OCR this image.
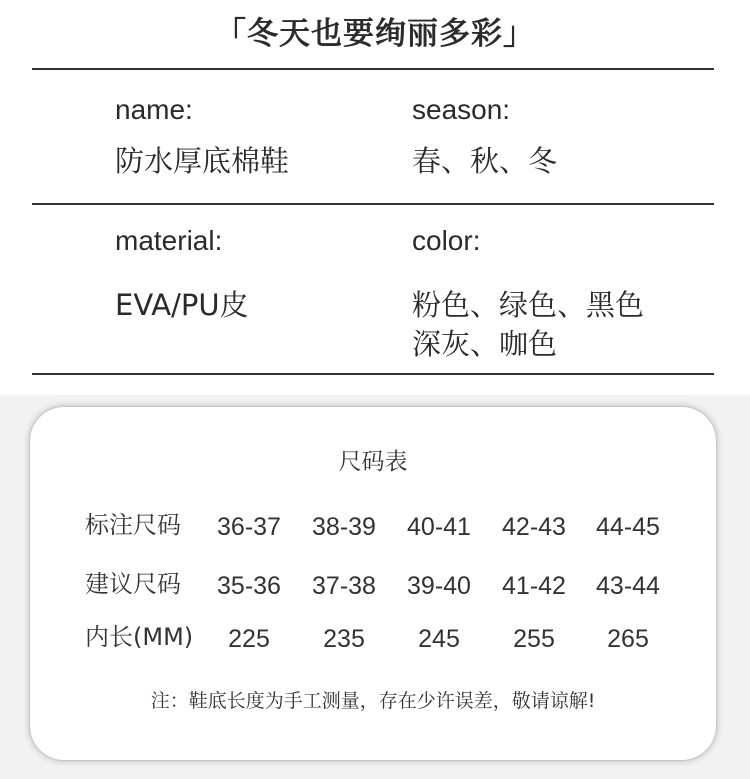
「冬天也要绚丽多彩」
name:
防水厚底棉鞋
season:
春、秋、冬
material:
EVA/PU皮
color:
粉色、绿色、黑色
深灰、咖色
尺码表
标注尺码	36-37	38-39	40-41	42-43	44-45
建议尺码	35-36	37-38	39-40	41-42	43-44
内长(MM)	225	235	245	255	265
注：鞋底长度为手工测量，存在少许误差，敬请谅解!
